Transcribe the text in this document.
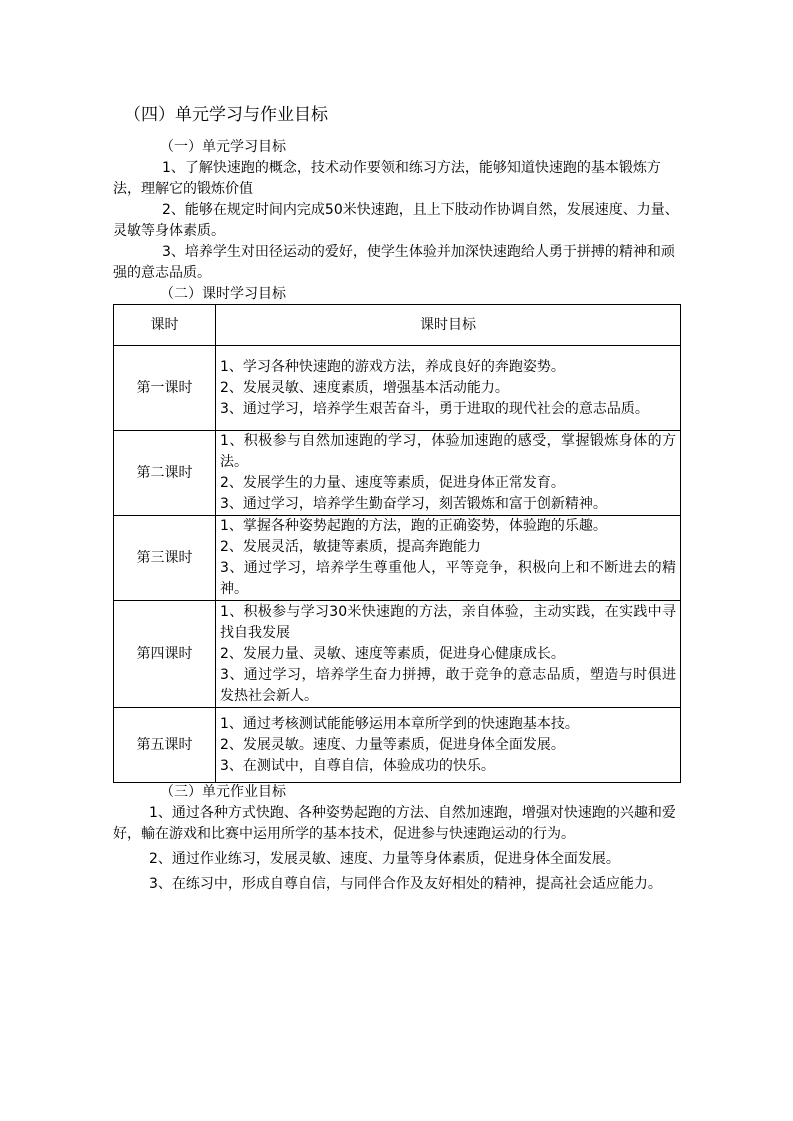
（四）单元学习与作业目标
（一）单元学习目标
1、了解快速跑的概念，技术动作要领和练习方法，能够知道快速跑的基本锻炼方法，理解它的锻炼价值
2、能够在规定时间内完成50米快速跑，且上下肢动作协调自然，发展速度、力量、灵敏等身体素质。
3、培养学生对田径运动的爱好，使学生体验并加深快速跑给人勇于拼搏的精神和顽强的意志品质。
（二）课时学习目标
课时	课时目标
第一课时	1、学习各种快速跑的游戏方法，养成良好的奔跑姿势。
2、发展灵敏、速度素质，增强基本活动能力。
3、通过学习，培养学生艰苦奋斗，勇于进取的现代社会的意志品质。

第二课时	1、积极参与自然加速跑的学习，体验加速跑的感受，掌握锻炼身体的方法。
2、发展学生的力量、速度等素质，促进身体正常发育。
3、通过学习，培养学生勤奋学习，刻苦锻炼和富于创新精神。

第三课时	1、掌握各种姿势起跑的方法，跑的正确姿势，体验跑的乐趣。
2、发展灵活，敏捷等素质，提高奔跑能力
3、通过学习，培养学生尊重他人，平等竞争，积极向上和不断进去的精神。

第四课时	1、积极参与学习30米快速跑的方法，亲自体验，主动实践，在实践中寻找自我发展
2、发展力量、灵敏、速度等素质，促进身心健康成长。
3、通过学习，培养学生奋力拼搏，敢于竞争的意志品质，塑造与时俱进发热社会新人。

第五课时	1、通过考核测试能能够运用本章所学到的快速跑基本技。
2、发展灵敏。速度、力量等素质，促进身体全面发展。
3、在测试中，自尊自信，体验成功的快乐。
（三）单元作业目标

1、通过各种方式快跑、各种姿势起跑的方法、自然加速跑，增强对快速跑的兴趣和爱好，輸在游戏和比赛中运用所学的基本技术，促进参与快速跑运动的行为。

2、通过作业练习，发展灵敏、速度、力量等身体素质，促进身体全面发展。

3、在练习中，形成自尊自信，与同伴合作及友好相处的精神，提高社会适应能力。
